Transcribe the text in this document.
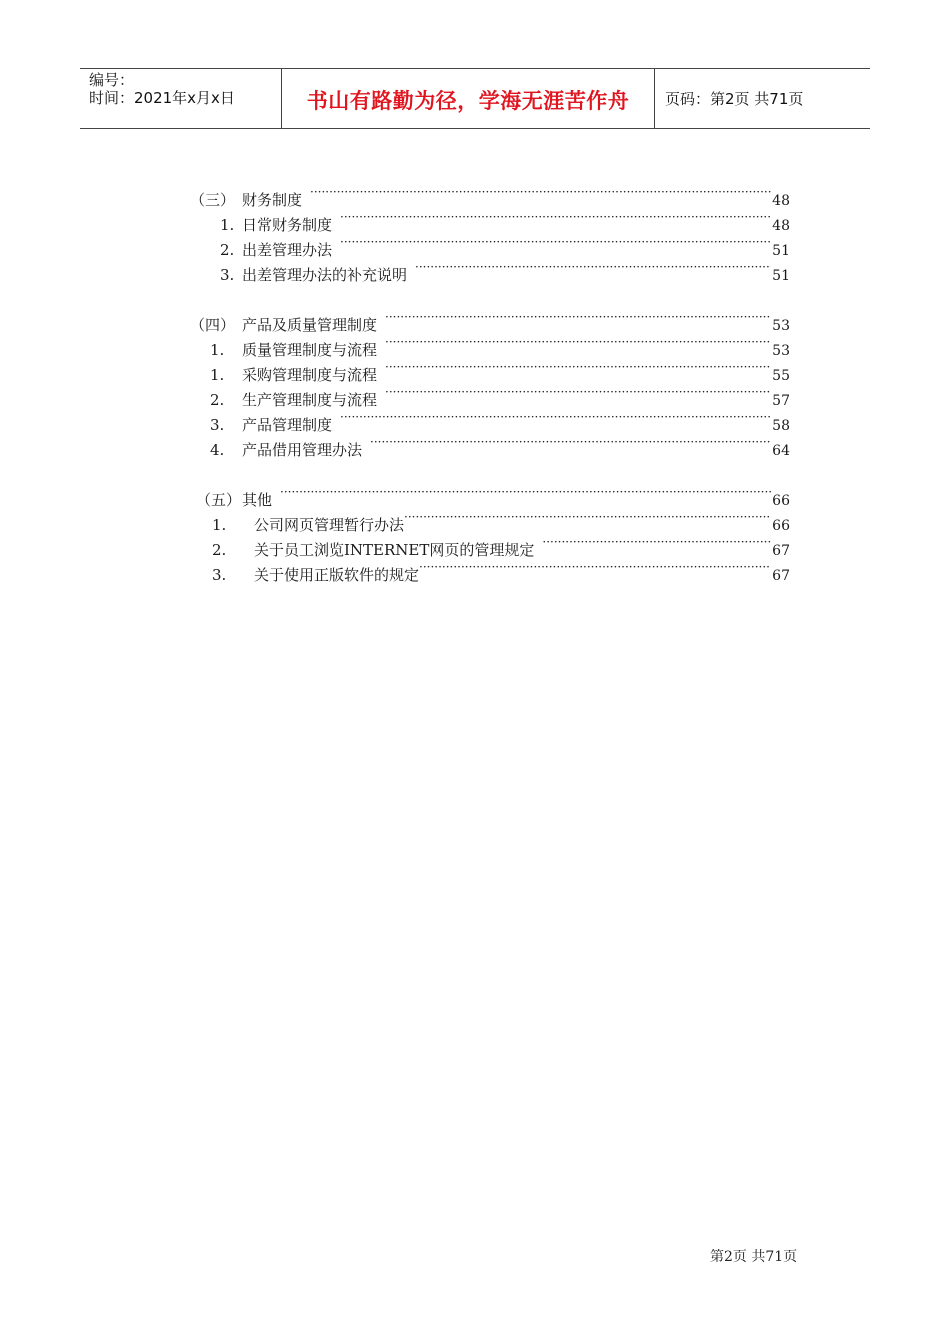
编号：
时间：2021年x月x日	书山有路勤为径，学海无涯苦作舟 页码：第2页 共71页
（三） 财务制度 ·····	48
1. 日常财务制度 ·····	48
2. 出差管理办法 ·····	51
3. 出差管理办法的补充说明 ·····	51
（四） 产品及质量管理制度 ·····	53
1.	质量管理制度与流程 ·····	53
1.	采购管理制度与流程 ·····	55
2.	生产管理制度与流程 ·····	57
3.	产品管理制度 ·····	58
4.	产品借用管理办法 ·····	64
（五） 其他 ·····	66
1.	公司网页管理暂行办法 ·····	66
2.	关于员工浏览INTERNET网页的管理规定 ·····	67
3.	关于使用正版软件的规定 ·····	67
第2页 共71页
